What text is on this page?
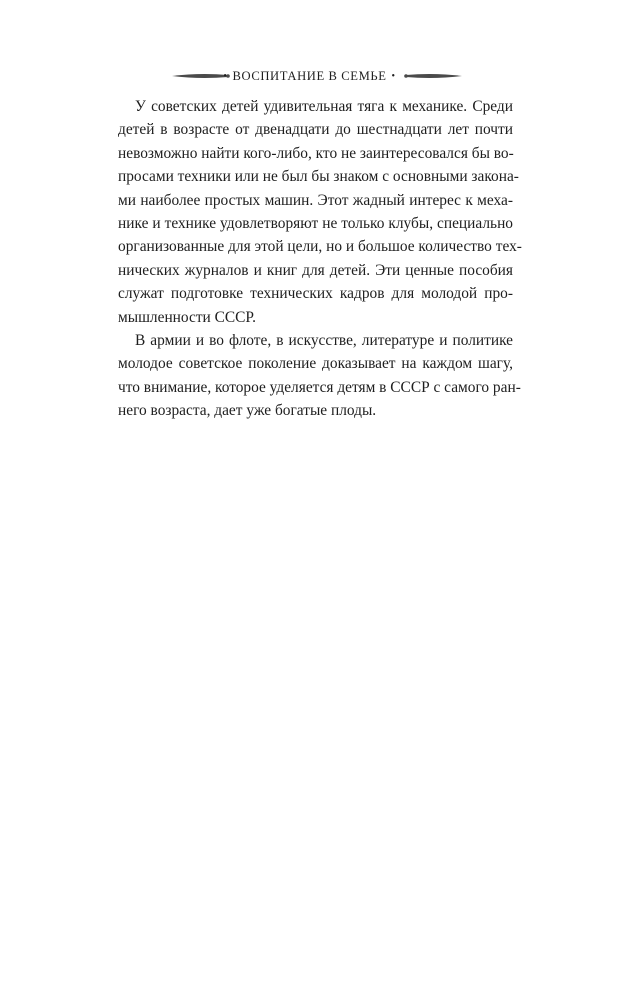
• ВОСПИТАНИЕ В СЕМЬЕ •

У советских детей удивительная тяга к механике. Среди
детей в возрасте от двенадцати до шестнадцати лет почти
невозможно найти кого-либо, кто не заинтересовался бы во-
просами техники или не был бы знаком с основными закона-
ми наиболее простых машин. Этот жадный интерес к меха-
нике и технике удовлетворяют не только клубы, специально
организованные для этой цели, но и большое количество тех-
нических журналов и книг для детей. Эти ценные пособия
служат подготовке технических кадров для молодой про-
мышленности СССР.

В армии и во флоте, в искусстве, литературе и политике
молодое советское поколение доказывает на каждом шагу,
что внимание, которое уделяется детям в СССР с самого ран-
него возраста, дает уже богатые плоды.
